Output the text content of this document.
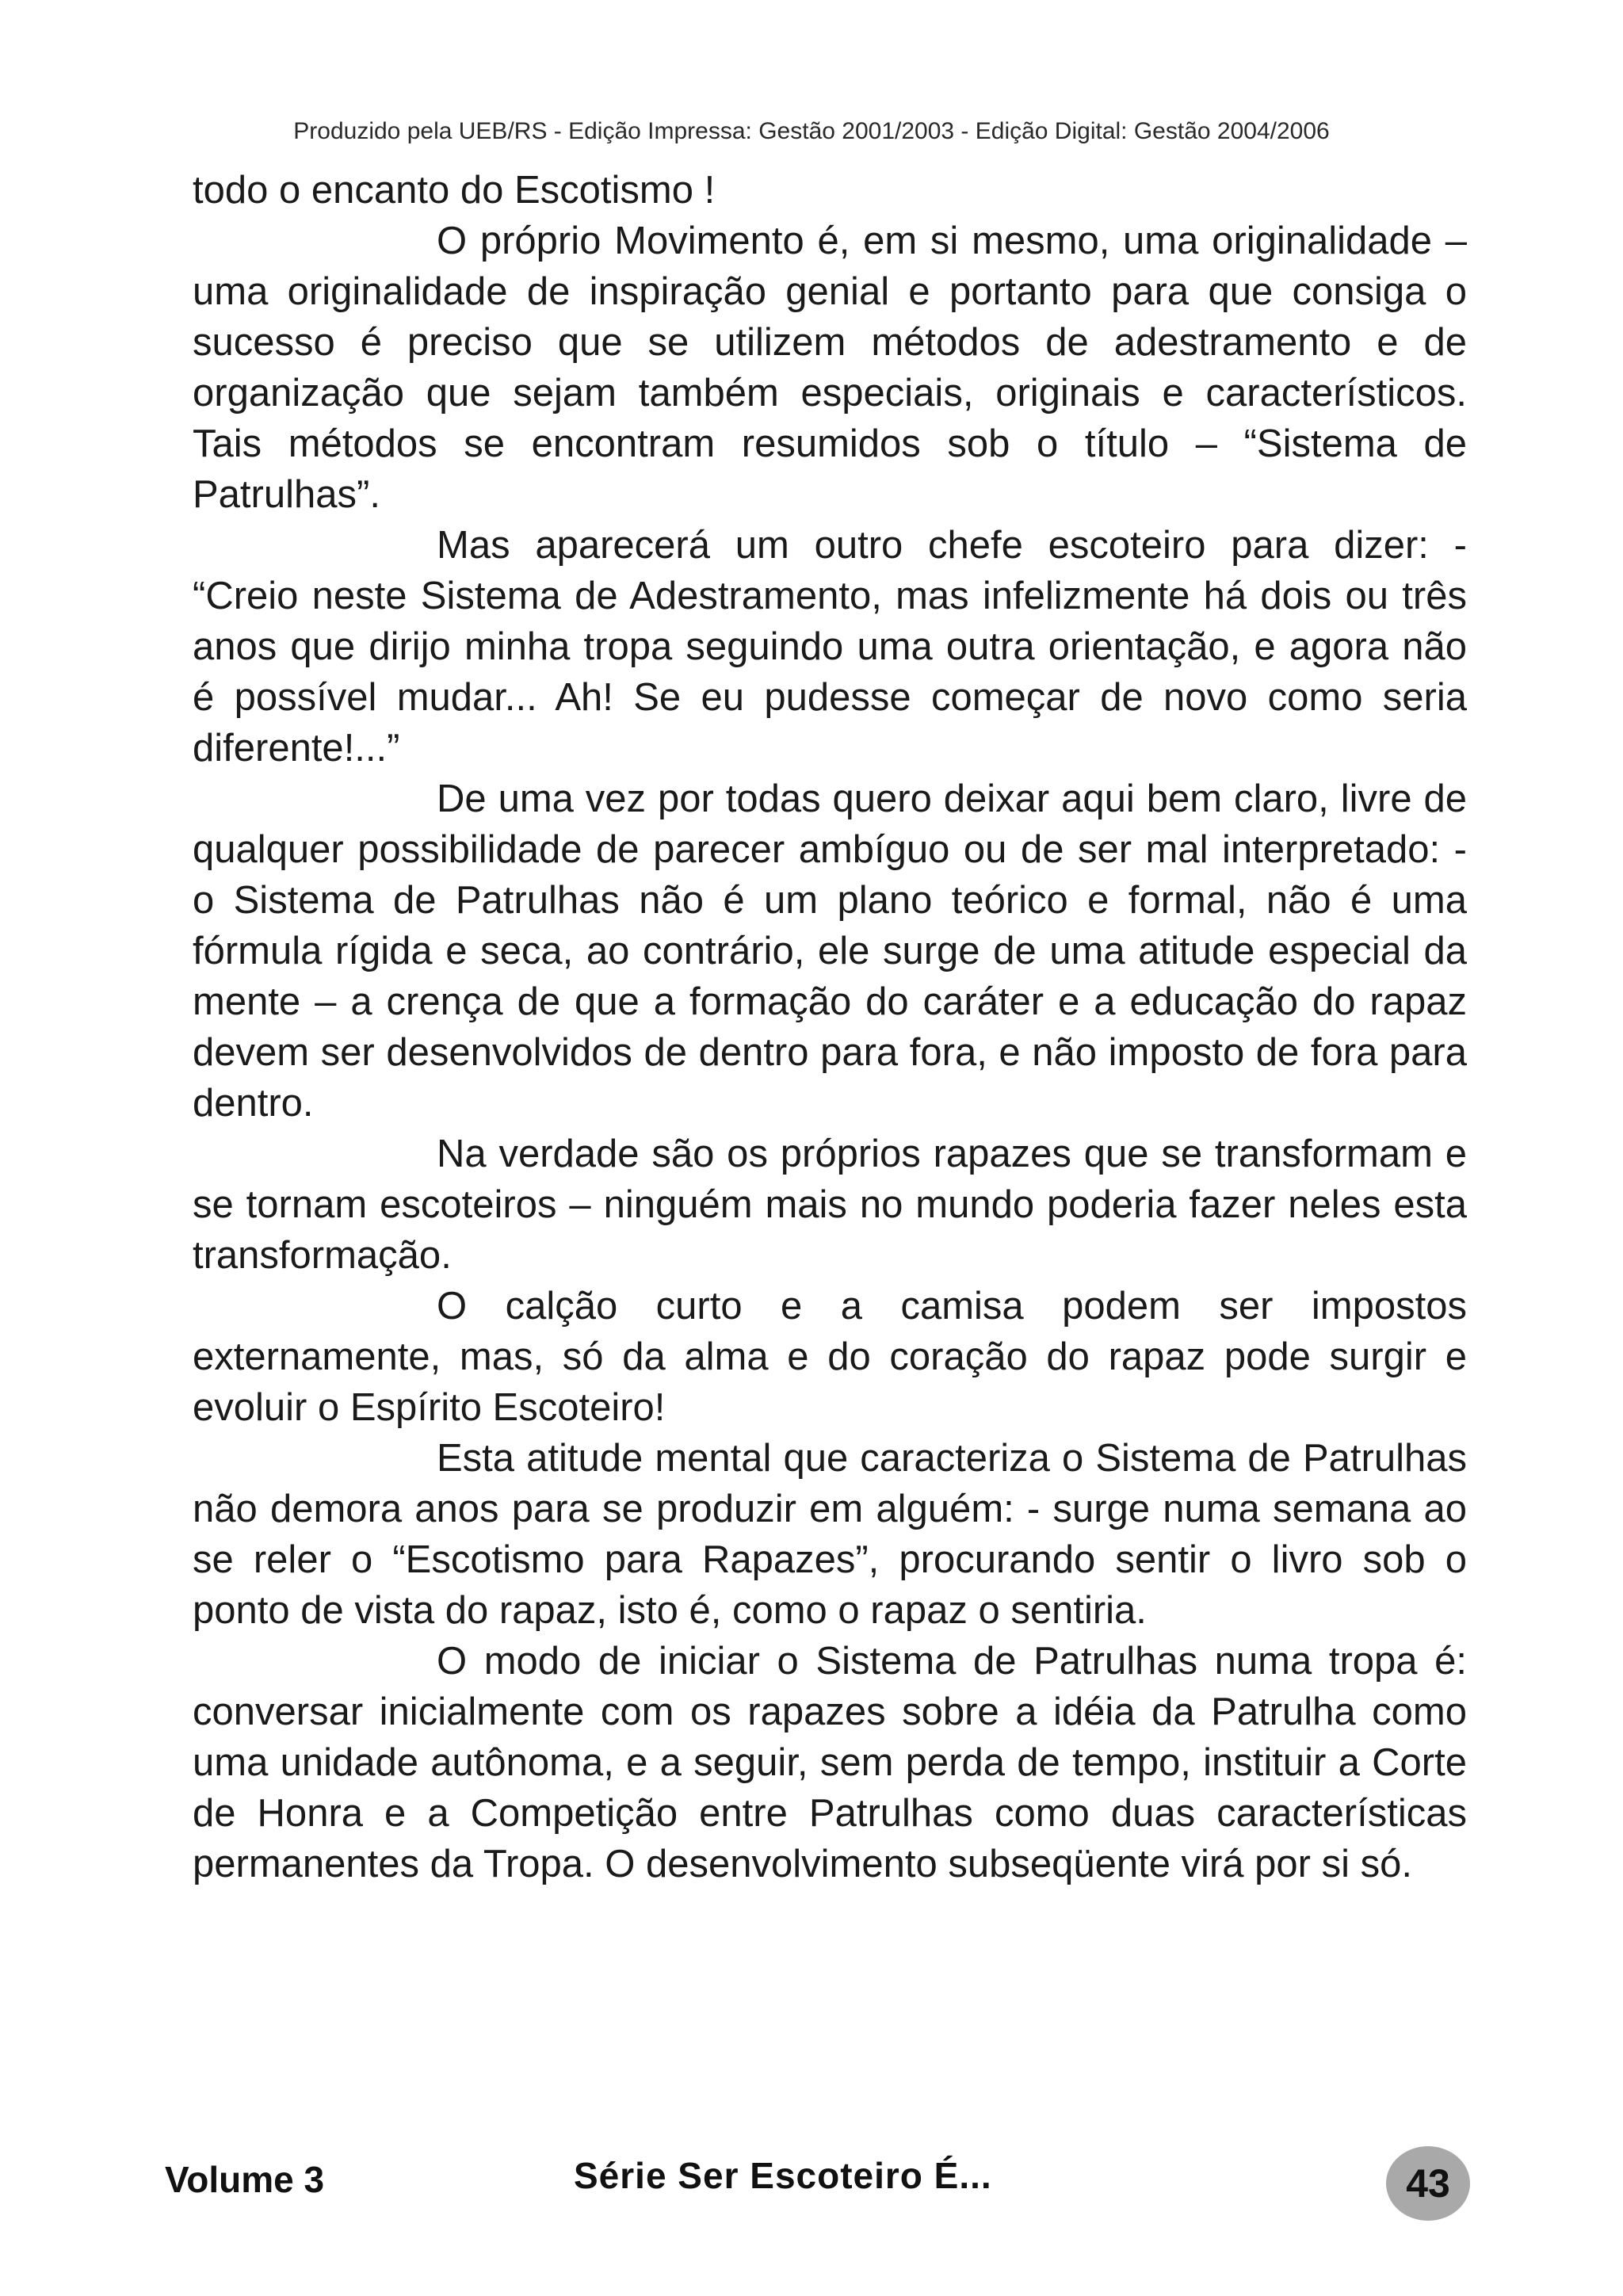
Produzido pela UEB/RS - Edição Impressa: Gestão 2001/2003 - Edição Digital: Gestão 2004/2006

todo o encanto do Escotismo !

O próprio Movimento é, em si mesmo, uma originalidade – uma originalidade de inspiração genial e portanto para que consiga o sucesso é preciso que se utilizem métodos de adestramento e de organização que sejam também especiais, originais e característicos. Tais métodos se encontram resumidos sob o título – “Sistema de Patrulhas”.

Mas aparecerá um outro chefe escoteiro para dizer: - “Creio neste Sistema de Adestramento, mas infelizmente há dois ou três anos que dirijo minha tropa seguindo uma outra orientação, e agora não é possível mudar... Ah! Se eu pudesse começar de novo como seria diferente!...”

De uma vez por todas quero deixar aqui bem claro, livre de qualquer possibilidade de parecer ambíguo ou de ser mal interpretado: - o Sistema de Patrulhas não é um plano teórico e formal, não é uma fórmula rígida e seca, ao contrário, ele surge de uma atitude especial da mente – a crença de que a formação do caráter e a educação do rapaz devem ser desenvolvidos de dentro para fora, e não imposto de fora para dentro.

Na verdade são os próprios rapazes que se transformam e se tornam escoteiros – ninguém mais no mundo poderia fazer neles esta transformação.

O calção curto e a camisa podem ser impostos externamente, mas, só da alma e do coração do rapaz pode surgir e evoluir o Espírito Escoteiro!

Esta atitude mental que caracteriza o Sistema de Patrulhas não demora anos para se produzir em alguém: - surge numa semana ao se reler o “Escotismo para Rapazes”, procurando sentir o livro sob o ponto de vista do rapaz, isto é, como o rapaz o sentiria.

O modo de iniciar o Sistema de Patrulhas numa tropa é: conversar inicialmente com os rapazes sobre a idéia da Patrulha como uma unidade autônoma, e a seguir, sem perda de tempo, instituir a Corte de Honra e a Competição entre Patrulhas como duas características permanentes da Tropa. O desenvolvimento subseqüente virá por si só.

Volume 3	Série Ser Escoteiro É...	43
